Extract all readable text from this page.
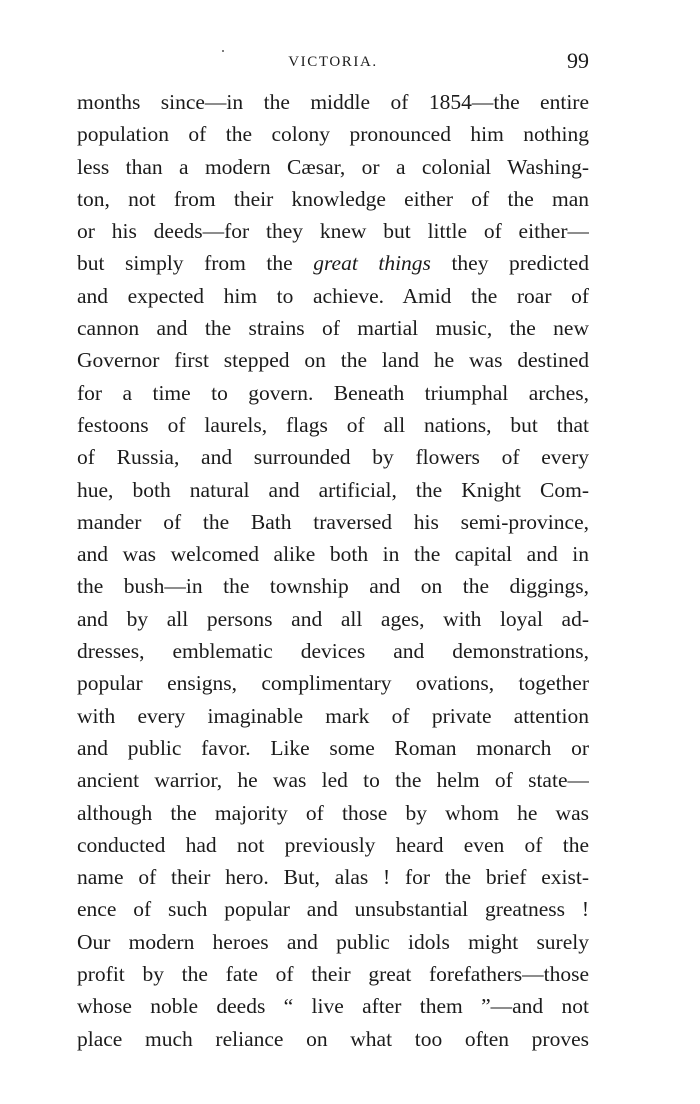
VICTORIA.	99
months since—in the middle of 1854—the entire
population of the colony pronounced him nothing
less than a modern Cæsar, or a colonial Washing-
ton, not from their knowledge either of the man
or his deeds—for they knew but little of either—
but simply from the great things they predicted
and expected him to achieve. Amid the roar of
cannon and the strains of martial music, the new
Governor first stepped on the land he was destined
for a time to govern. Beneath triumphal arches,
festoons of laurels, flags of all nations, but that
of Russia, and surrounded by flowers of every
hue, both natural and artificial, the Knight Com-
mander of the Bath traversed his semi-province,
and was welcomed alike both in the capital and in
the bush—in the township and on the diggings,
and by all persons and all ages, with loyal ad-
dresses, emblematic devices and demonstrations,
popular ensigns, complimentary ovations, together
with every imaginable mark of private attention
and public favor. Like some Roman monarch or
ancient warrior, he was led to the helm of state—
although the majority of those by whom he was
conducted had not previously heard even of the
name of their hero. But, alas ! for the brief exist-
ence of such popular and unsubstantial greatness !
Our modern heroes and public idols might surely
profit by the fate of their great forefathers—those
whose noble deeds “ live after them ”—and not
place much reliance on what too often proves
